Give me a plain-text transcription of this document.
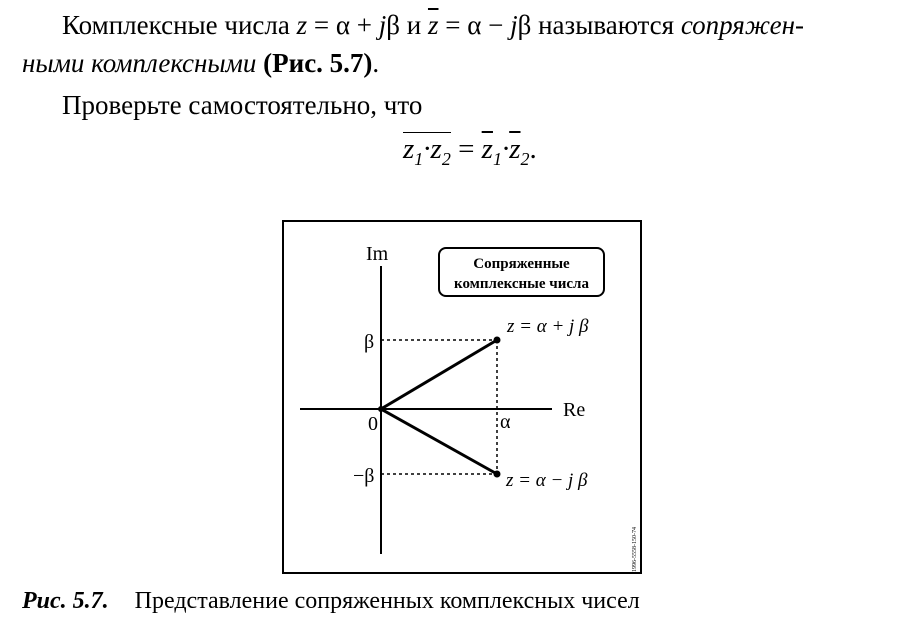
Комплексные числа z = α + jβ и $\overline{z} = \alpha - j\beta$ называются сопряжен-
ными комплексными (Рис. 5.7).
Проверьте самостоятельно, что
$z_1\cdot z_2 = \overline{z}_1\cdot\overline{z}_2$.
Im
Re
0
β
−β
α
z = α + j β
z = α − j β
Сопряженные
комплексные числа
1996-5558-150-74
Рис. 5.7. Представление сопряженных комплексных чисел
